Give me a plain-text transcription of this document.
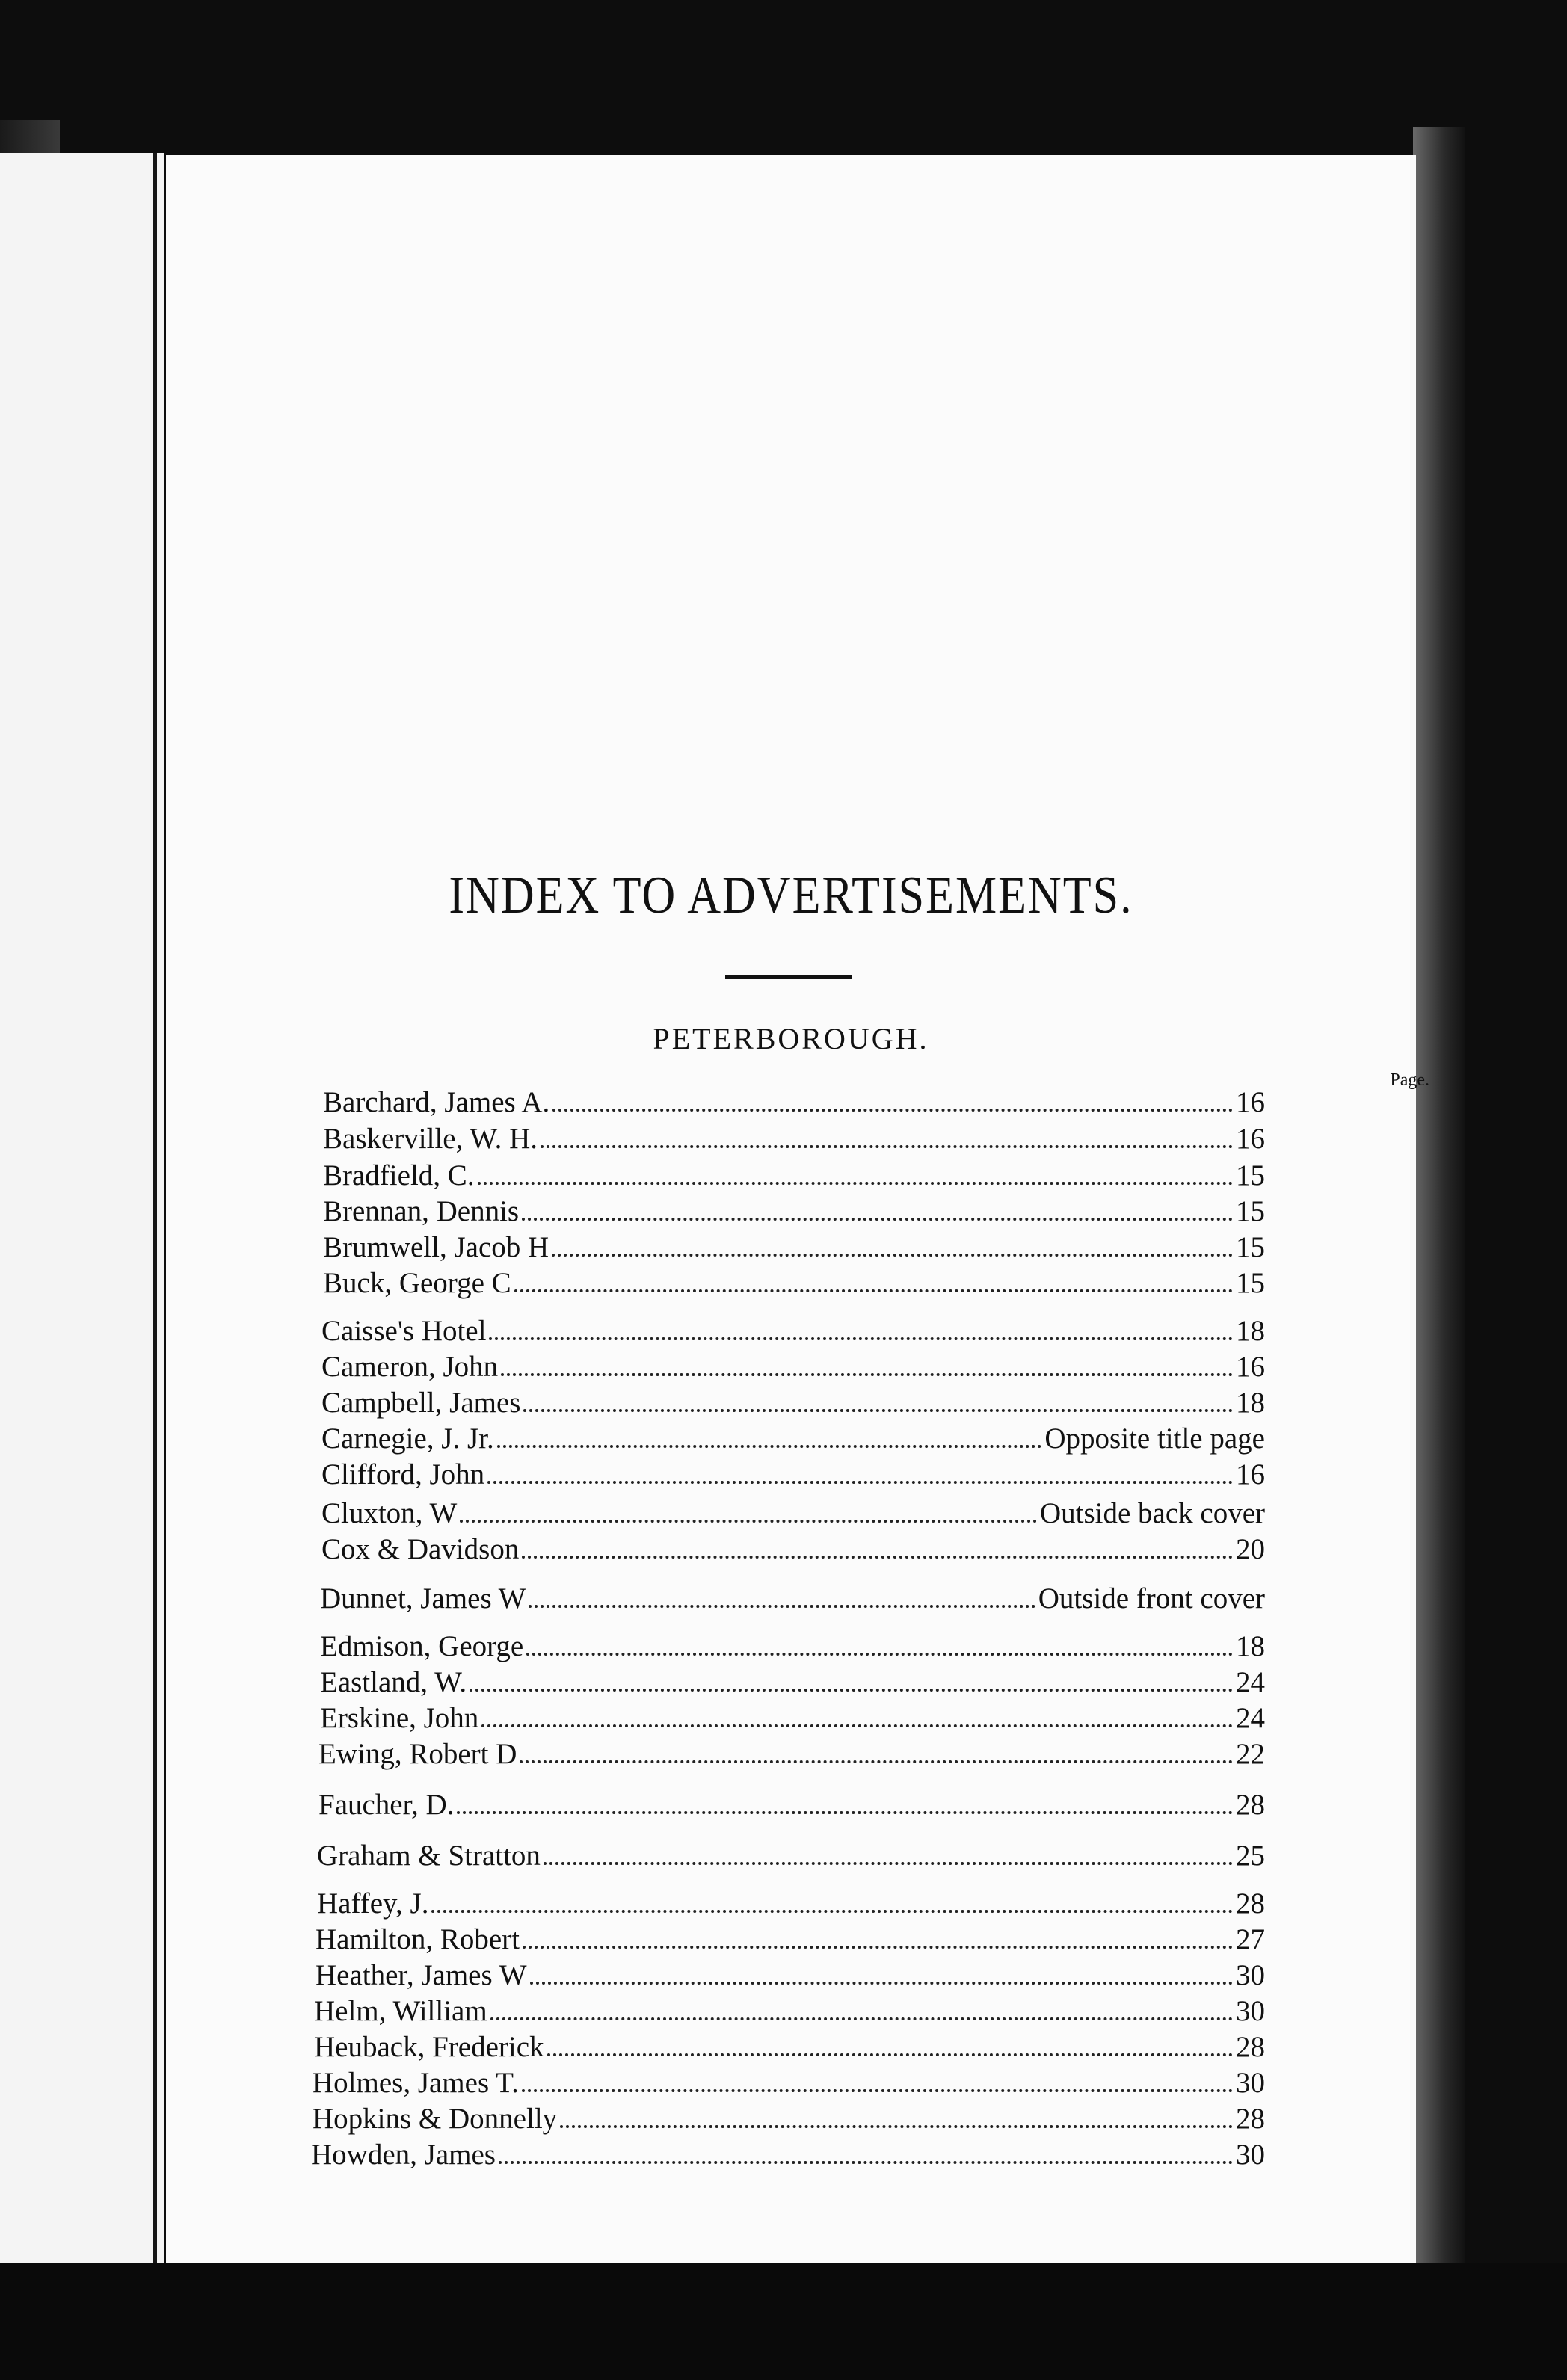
INDEX TO ADVERTISEMENTS.
PETERBOROUGH.
Page.
Barchard, James A.	16
Baskerville, W. H.	16
Bradfield, C.	15
Brennan, Dennis	15
Brumwell, Jacob H	15
Buck, George C	15
Caisse's Hotel	18
Cameron, John	16
Campbell, James	18
Carnegie, J. Jr.	Opposite title page
Clifford, John	16
Cluxton, W	Outside back cover
Cox & Davidson	20
Dunnet, James W	Outside front cover
Edmison, George	18
Eastland, W.	24
Erskine, John	24
Ewing, Robert D	22
Faucher, D.	28
Graham & Stratton	25
Haffey, J.	28
Hamilton, Robert	27
Heather, James W	30
Helm, William	30
Heuback, Frederick	28
Holmes, James T.	30
Hopkins & Donnelly	28
Howden, James	30
